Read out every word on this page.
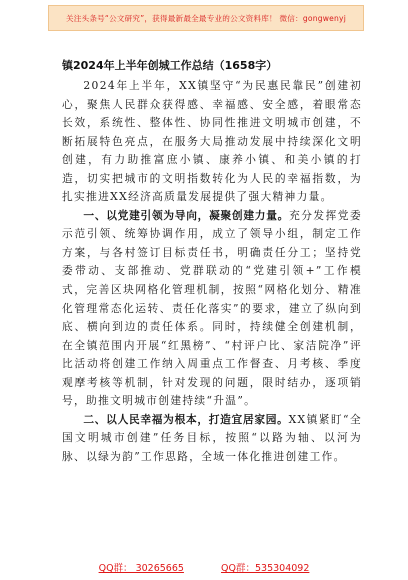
关注头条号“公文研究”，获得最新最全最专业的公文资料库！ 微信：gongwenyj
镇2024年上半年创城工作总结（1658字）

2024年上半年，XX镇坚守“为民惠民靠民”创建初心，聚焦人民群众获得感、幸福感、安全感，着眼常态长效，系统性、整体性、协同性推进文明城市创建，不断拓展特色亮点，在服务大局推动发展中持续深化文明创建，有力助推富庶小镇、康养小镇、和美小镇的打造，切实把城市的文明指数转化为人民的幸福指数，为扎实推进XX经济高质量发展提供了强大精神力量。

一、以党建引领为导向，凝聚创建力量。充分发挥党委示范引领、统筹协调作用，成立了领导小组，制定工作方案，与各村签订目标责任书，明确责任分工；坚持党委带动、支部推动、党群联动的“党建引领+”工作模式，完善区块网格化管理机制，按照“网格化划分、精准化管理常态化运转、责任化落实”的要求，建立了纵向到底、横向到边的责任体系。同时，持续健全创建机制，在全镇范围内开展“红黑榜”、“村评户比、家洁院净”评比活动将创建工作纳入周重点工作督查、月考核、季度观摩考核等机制，针对发现的问题，限时结办，逐项销号，助推文明城市创建持续“升温”。

二、以人民幸福为根本，打造宜居家园。XX镇紧盯“全国文明城市创建”任务目标，按照“以路为轴、以河为脉、以绿为韵”工作思路，全域一体化推进创建工作。

QQ群： 30265665	QQ群：535304092
